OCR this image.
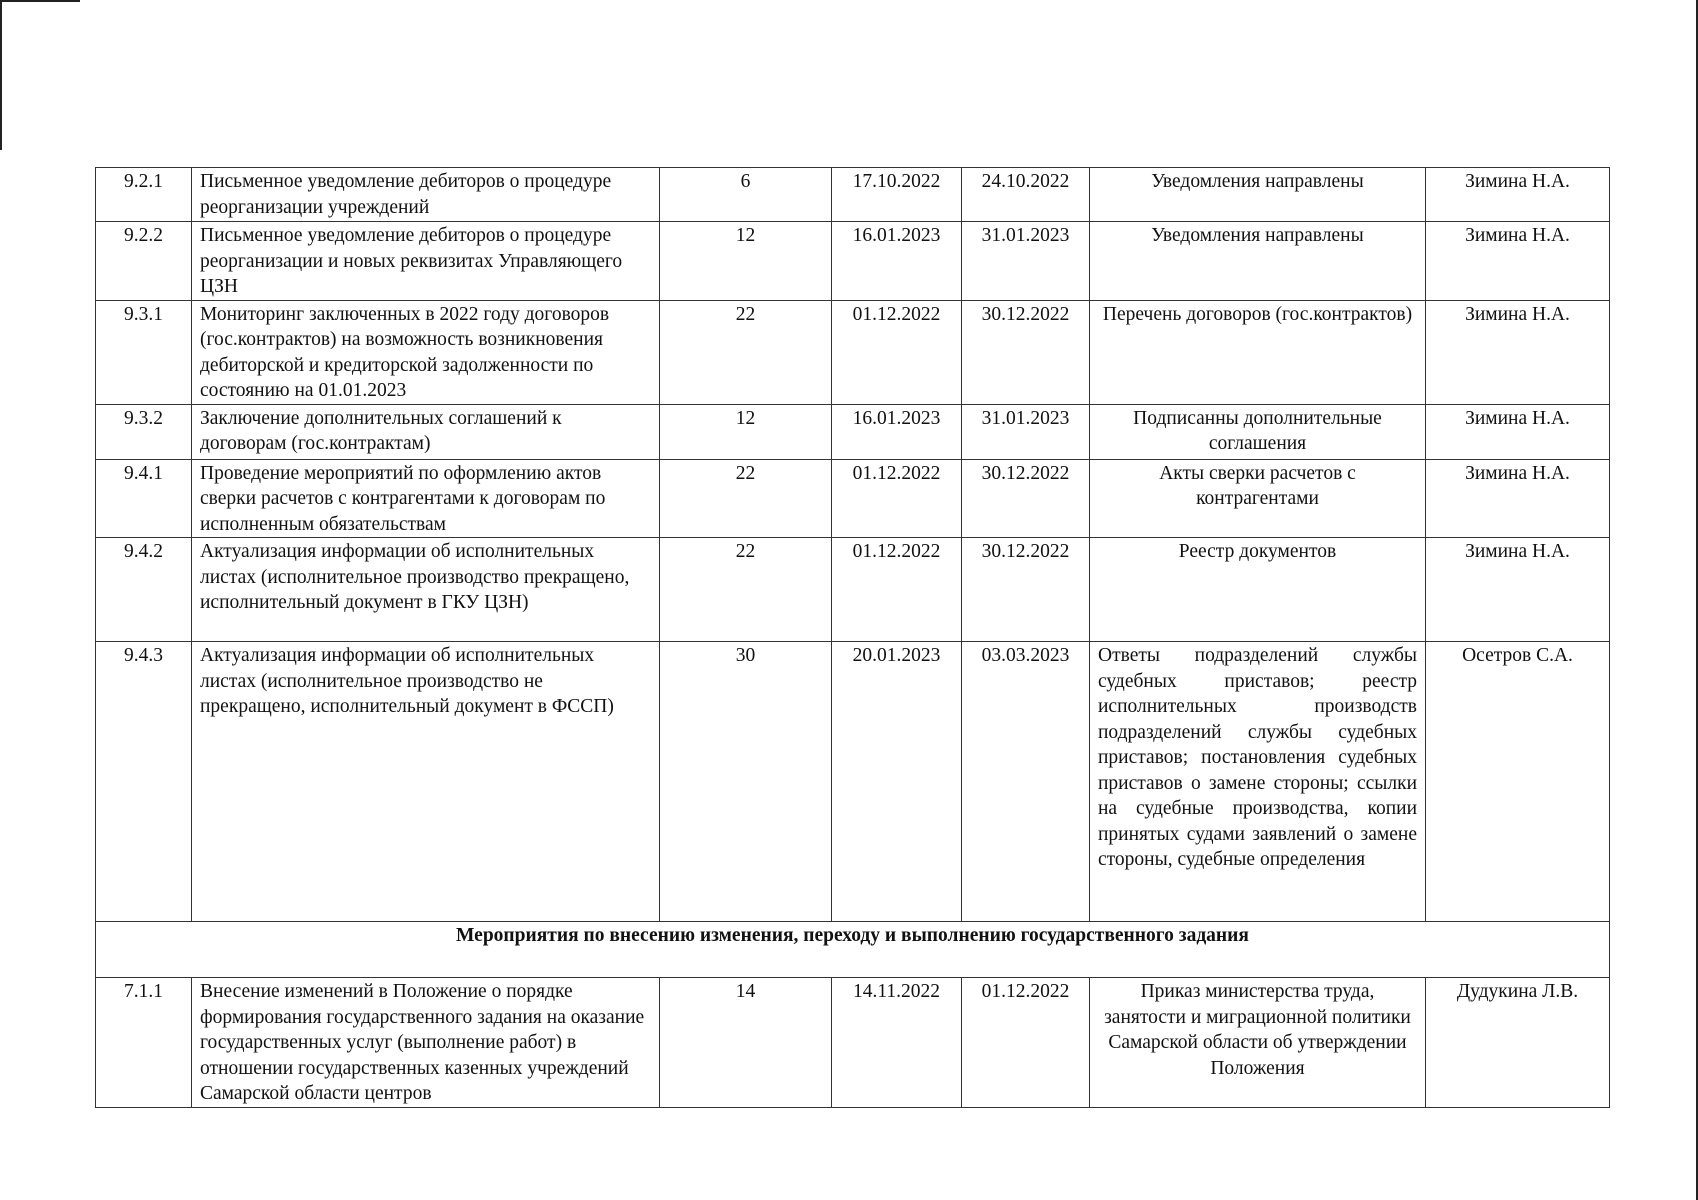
9.2.1	Письменное уведомление дебиторов о процедуре реорганизации учреждений	6	17.10.2022	24.10.2022	Уведомления направлены	Зимина Н.А.
9.2.2	Письменное уведомление дебиторов о процедуре реорганизации и новых реквизитах Управляющего ЦЗН	12	16.01.2023	31.01.2023	Уведомления направлены	Зимина Н.А.
9.3.1	Мониторинг заключенных в 2022 году договоров (гос.контрактов) на возможность возникновения дебиторской и кредиторской задолженности по состоянию на 01.01.2023	22	01.12.2022	30.12.2022	Перечень договоров (гос.контрактов)	Зимина Н.А.
9.3.2	Заключение дополнительных соглашений к договорам (гос.контрактам)	12	16.01.2023	31.01.2023	Подписанны дополнительные соглашения	Зимина Н.А.
9.4.1	Проведение мероприятий по оформлению актов сверки расчетов с контрагентами к договорам по исполненным обязательствам	22	01.12.2022	30.12.2022	Акты сверки расчетов с контрагентами	Зимина Н.А.
9.4.2	Актуализация информации об исполнительных листах (исполнительное производство прекращено, исполнительный документ в ГКУ ЦЗН)	22	01.12.2022	30.12.2022	Реестр документов	Зимина Н.А.
9.4.3	Актуализация информации об исполнительных листах (исполнительное производство не прекращено, исполнительный документ в ФССП)	30	20.01.2023	03.03.2023	Ответы подразделений службы судебных приставов; реестр исполнительных производств подразделений службы судебных приставов; постановления судебных приставов о замене стороны; ссылки на судебные производства, копии принятых судами заявлений о замене стороны, судебные определения	Осетров С.А.
Мероприятия по внесению изменения, переходу и выполнению государственного задания						
7.1.1	Внесение изменений в Положение о порядке формирования государственного задания на оказание государственных услуг (выполнение работ) в отношении государственных казенных учреждений Самарской области центров	14	14.11.2022	01.12.2022	Приказ министерства труда, занятости и миграционной политики Самарской области об утверждении Положения	Дудукина Л.В.
